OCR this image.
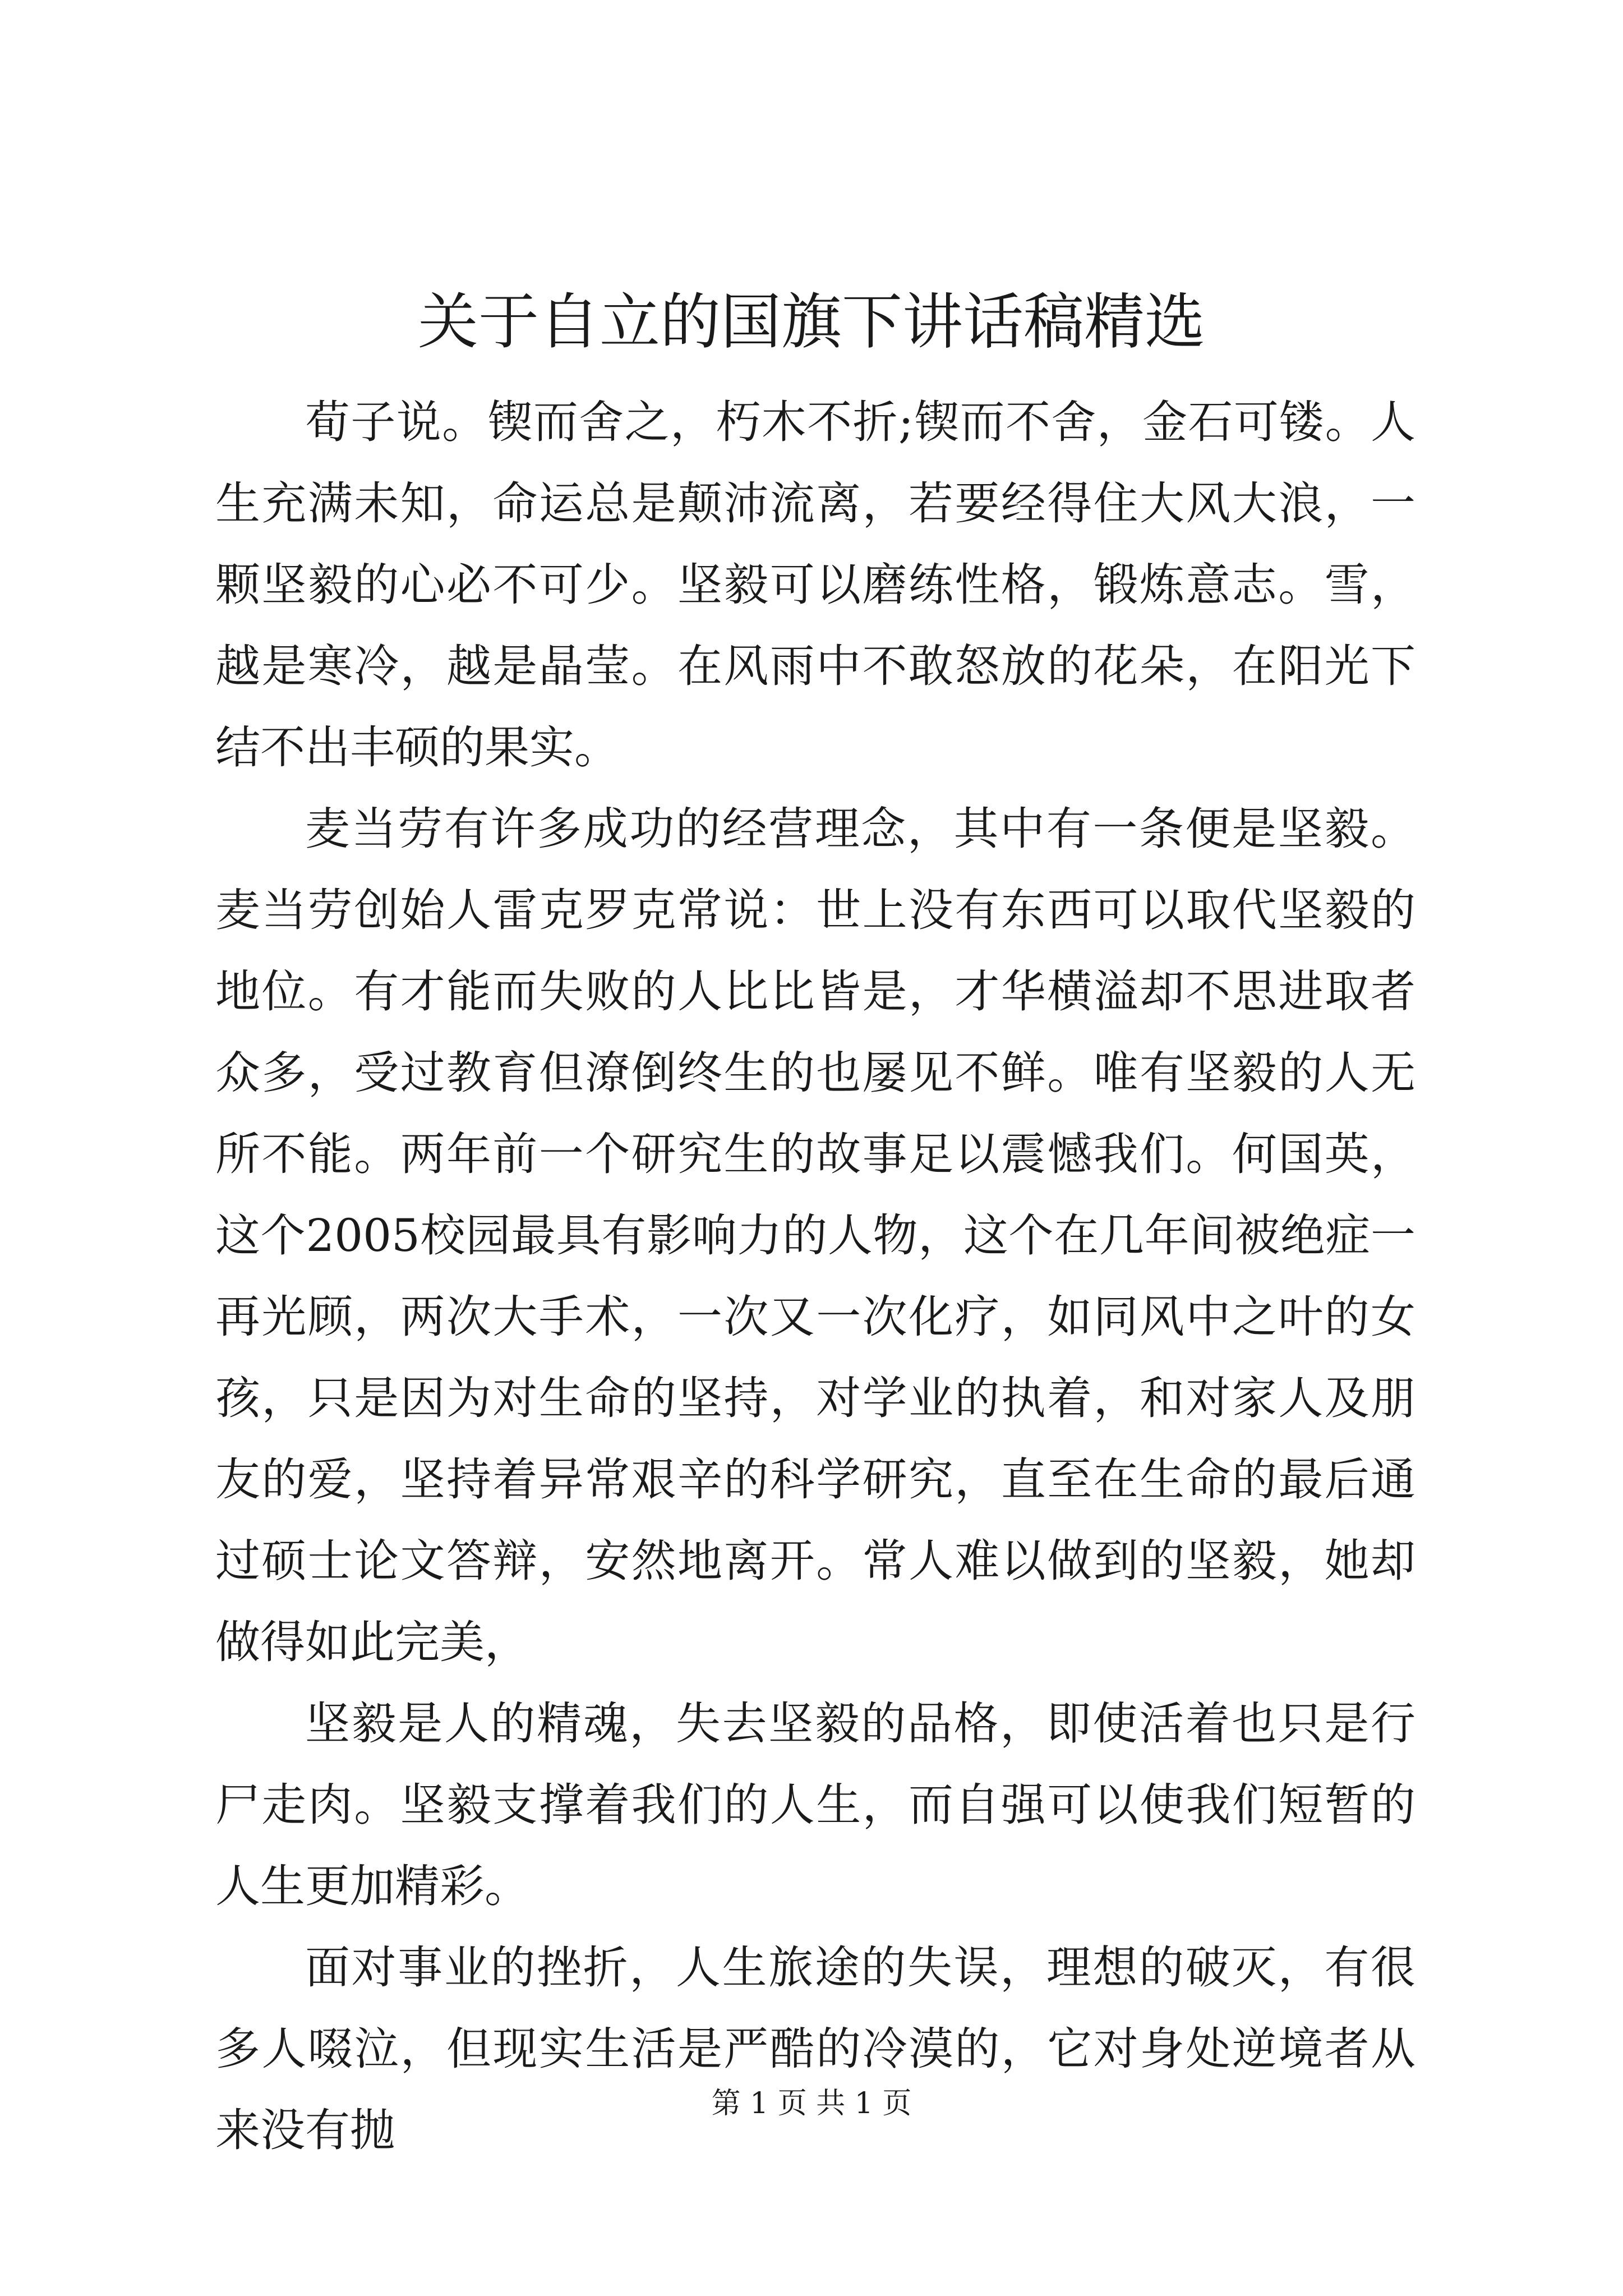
关于自立的国旗下讲话稿精选

荀子说。锲而舍之，朽木不折;锲而不舍，金石可镂。人生充满未知，命运总是颠沛流离，若要经得住大风大浪，一颗坚毅的心必不可少。坚毅可以磨练性格，锻炼意志。雪，越是寒冷，越是晶莹。在风雨中不敢怒放的花朵，在阳光下结不出丰硕的果实。

麦当劳有许多成功的经营理念，其中有一条便是坚毅。麦当劳创始人雷克罗克常说：世上没有东西可以取代坚毅的地位。有才能而失败的人比比皆是，才华横溢却不思进取者众多，受过教育但潦倒终生的也屡见不鲜。唯有坚毅的人无所不能。两年前一个研究生的故事足以震憾我们。何国英，这个2005校园最具有影响力的人物，这个在几年间被绝症一再光顾，两次大手术，一次又一次化疗，如同风中之叶的女孩，只是因为对生命的坚持，对学业的执着，和对家人及朋友的爱，坚持着异常艰辛的科学研究，直至在生命的最后通过硕士论文答辩，安然地离开。常人难以做到的坚毅，她却做得如此完美，

坚毅是人的精魂，失去坚毅的品格，即使活着也只是行尸走肉。坚毅支撑着我们的人生，而自强可以使我们短暂的人生更加精彩。

面对事业的挫折，人生旅途的失误，理想的破灭，有很多人啜泣，但现实生活是严酷的冷漠的，它对身处逆境者从来没有抛

第 1 页 共 1 页
